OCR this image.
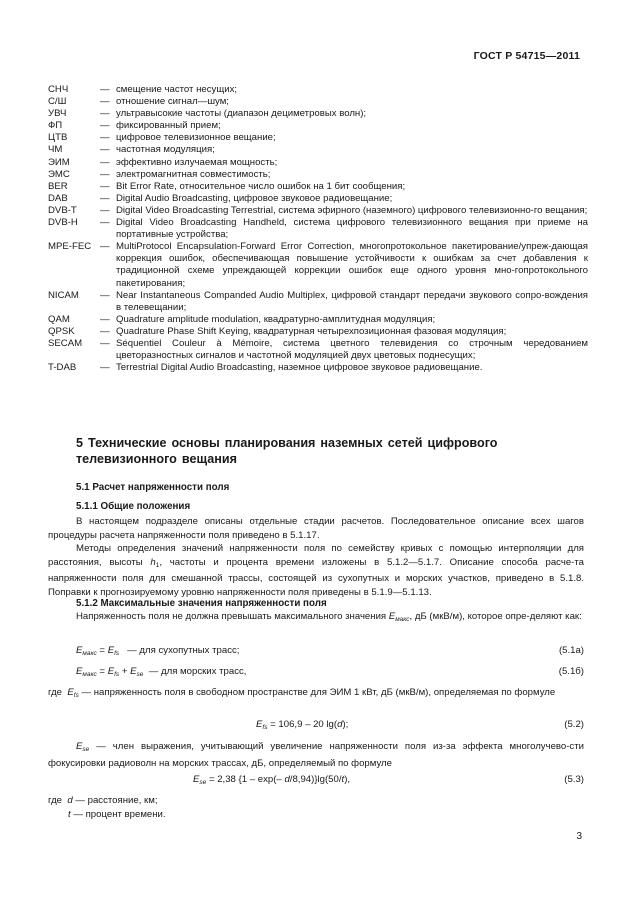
ГОСТ Р 54715—2011
СНЧ	— смещение частот несущих;
С/Ш	— отношение сигнал—шум;
УВЧ	— ультравысокие частоты (диапазон дециметровых волн);
ФП	— фиксированный прием;
ЦТВ	— цифровое телевизионное вещание;
ЧМ	— частотная модуляция;
ЭИМ	— эффективно излучаемая мощность;
ЭМС	— электромагнитная совместимость;
BER	— Bit Error Rate, относительное число ошибок на 1 бит сообщения;
DAB	— Digital Audio Broadcasting, цифровое звуковое радиовещание;
DVB-T	— Digital Video Broadcasting Terrestrial, система эфирного (наземного) цифрового телевизионно-го вещания;
DVB-H	— Digital Video Broadcasting Handheld, система цифрового телевизионного вещания при приеме на портативные устройства;
MPE-FEC — MultiProtocol Encapsulation-Forward Error Correction, многопротокольное пакетирование/упреж-дающая коррекция ошибок, обеспечивающая повышение устойчивости к ошибкам за счет добавления к традиционной схеме упреждающей коррекции ошибок еще одного уровня мно-гопротокольного пакетирования;
NICAM	— Near Instantaneous Companded Audio Multiplex, цифровой стандарт передачи звукового сопро-вождения в телевещании;
QAM	— Quadrature amplitude modulation, квадратурно-амплитудная модуляция;
QPSK	— Quadrature Phase Shift Keying, квадратурная четырехпозиционная фазовая модуляция;
SECAM	— Séquentiel Couleur à Mémoire, система цветного телевидения со строчным чередованием цветоразностных сигналов и частотной модуляцией двух цветовых поднесущих;
T-DAB	— Terrestrial Digital Audio Broadcasting, наземное цифровое звуковое радиовещание.
5 Технические основы планирования наземных сетей цифрового телевизионного вещания
5.1 Расчет напряженности поля
5.1.1 Общие положения
В настоящем подразделе описаны отдельные стадии расчетов. Последовательное описание всех шагов процедуры расчета напряженности поля приведено в 5.1.17.
Методы определения значений напряженности поля по семейству кривых с помощью интерполяции для расстояния, высоты $h_1$, частоты и процента времени изложены в 5.1.2—5.1.7. Описание способа расче-та напряженности поля для смешанной трассы, состоящей из сухопутных и морских участков, приведено в 5.1.8. Поправки к прогнозируемому уровню напряженности поля приведены в 5.1.9—5.1.13.
5.1.2 Максимальные значения напряженности поля
Напряженность поля не должна превышать максимального значения $E_{макс}$, дБ (мкВ/м), которое опре-деляют как:
$E_{макс} = E_{fs}$ — для сухопутных трасс;	(5.1а)
$E_{макс} = E_{fs} + E_{se}$ — для морских трасс,	(5.1б)
где $E_{fs}$ — напряженность поля в свободном пространстве для ЭИМ 1 кВт, дБ (мкВ/м), определяемая по формуле
$E_{fs} = 106,9 - 20$ lg(d);	(5.2)
$E_{se}$ — член выражения, учитывающий увеличение напряженности поля из-за эффекта многолучево-сти фокусировки радиоволн на морских трассах, дБ, определяемый по формуле
$E_{se} = 2,38$ {1 – exp(– d/8,94)}lg(50/t),	(5.3)
где d — расстояние, км;
t — процент времени.
3
